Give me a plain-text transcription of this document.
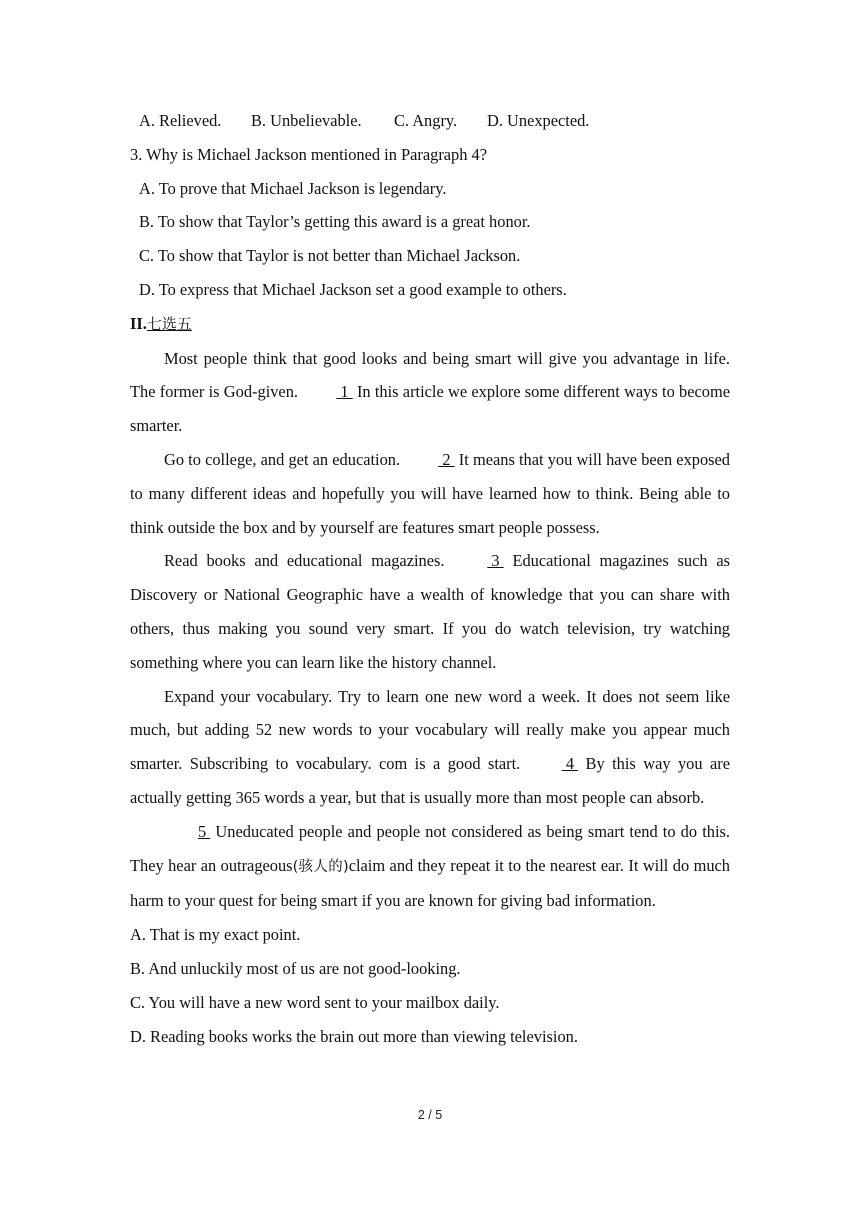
A. Relieved. B. Unbelievable. C. Angry. D. Unexpected.
3. Why is Michael Jackson mentioned in Paragraph 4?
A. To prove that Michael Jackson is legendary.
B. To show that Taylor’s getting this award is a great honor.
C. To show that Taylor is not better than Michael Jackson.
D. To express that Michael Jackson set a good example to others.
II.七选五

Most people think that good looks and being smart will give you advantage in life. The former is God-given.  1  In this article we explore some different ways to become smarter.

Go to college, and get an education.  2  It means that you will have been exposed to many different ideas and hopefully you will have learned how to think. Being able to think outside the box and by yourself are features smart people possess.

Read books and educational magazines.  3  Educational magazines such as Discovery or National Geographic have a wealth of knowledge that you can share with others, thus making you sound very smart. If you do watch television, try watching something where you can learn like the history channel.

Expand your vocabulary. Try to learn one new word a week. It does not seem like much, but adding 52 new words to your vocabulary will really make you appear much smarter. Subscribing to vocabulary. com is a good start.  4  By this way you are actually getting 365 words a year, but that is usually more than most people can absorb.

5  Uneducated people and people not considered as being smart tend to do this. They hear an outrageous(骇人的)claim and they repeat it to the nearest ear. It will do much harm to your quest for being smart if you are known for giving bad information.

A. That is my exact point.
B. And unluckily most of us are not good-looking.
C. You will have a new word sent to your mailbox daily.
D. Reading books works the brain out more than viewing television.
2 / 5
